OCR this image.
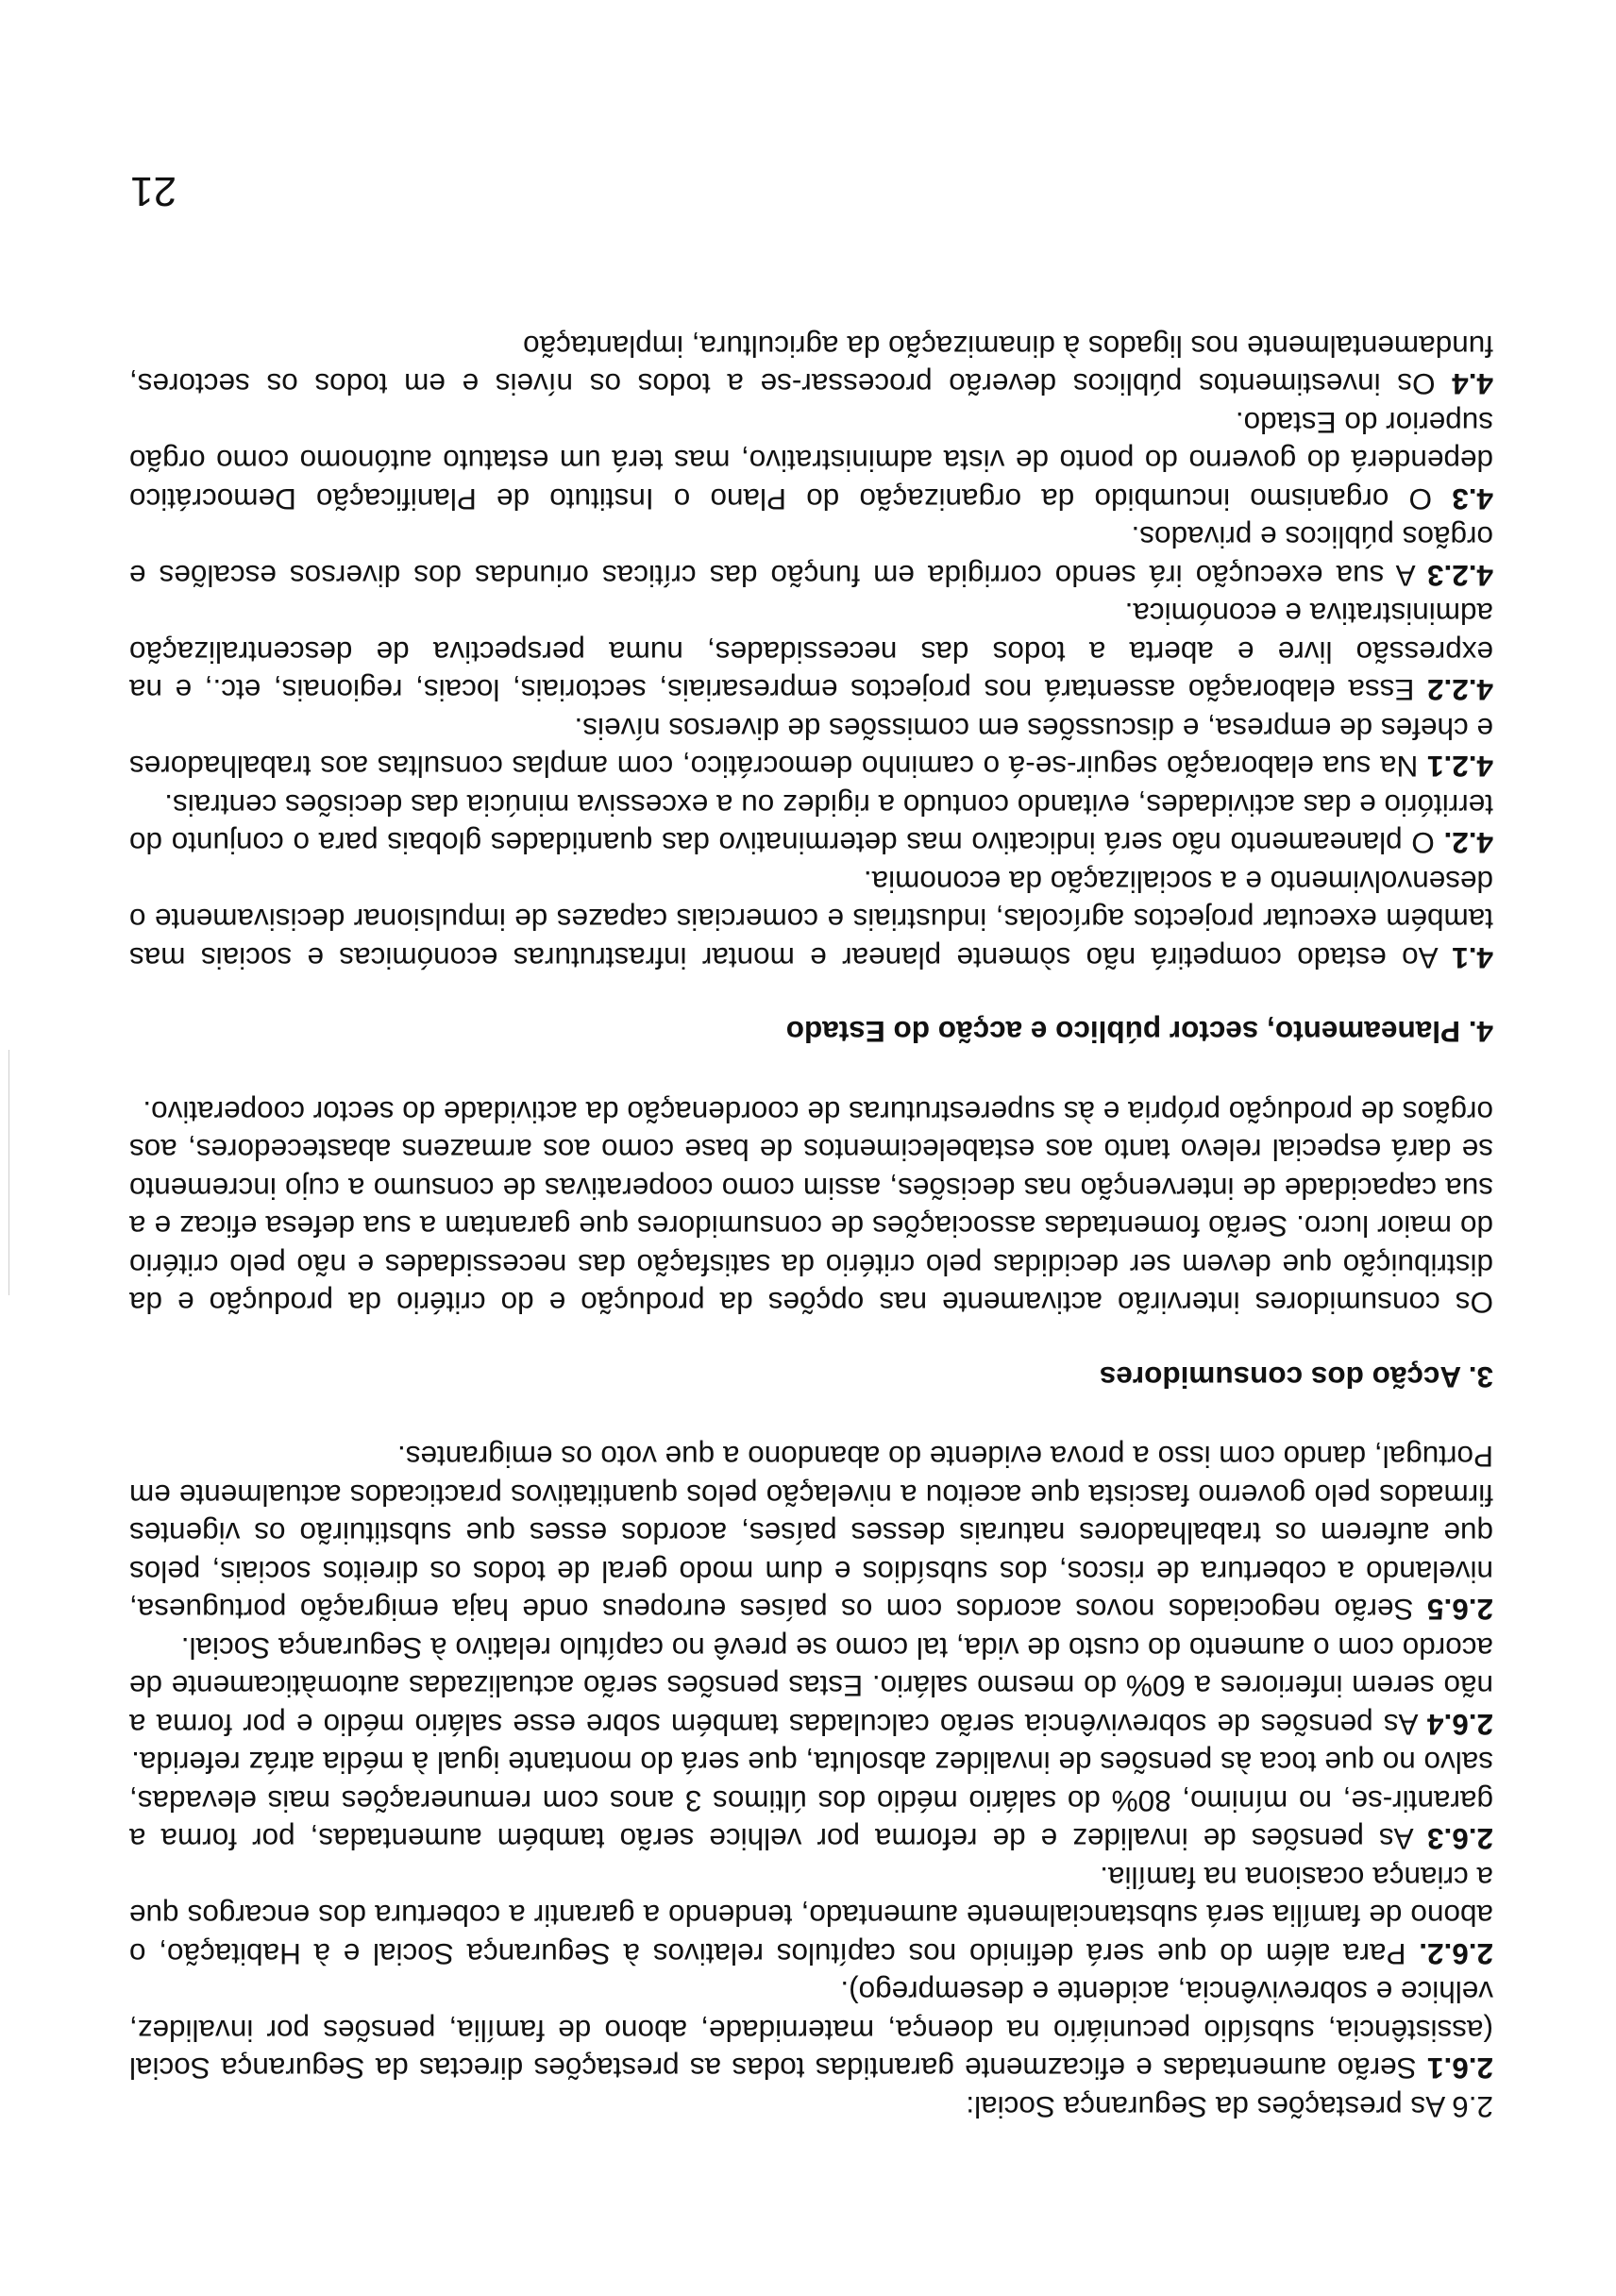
2.6 As prestações da Segurança Social:

2.6.1 Serão aumentadas e eficazmente garantidas todas as prestações directas da Segurança Social (assistência, subsídio pecuniário na doença, maternidade, abono de família, pensões por invalidez, velhice e sobrevivência, acidente e desemprego).

2.6.2. Para além do que será definido nos capítulos relativos à Segurança Social e à Habitação, o abono de família será substancialmente aumentado, tendendo a garantir a cobertura dos encargos que a criança ocasiona na família.

2.6.3 As pensões de invalidez e de reforma por velhice serão também aumentadas, por forma a garantir-se, no mínimo, 80% do salário médio dos últimos 3 anos com remunerações mais elevadas, salvo no que toca às pensões de invalidez absoluta, que será do montante igual à média atráz referida.

2.6.4 As pensões de sobrevivência serão calculadas também sobre esse salário médio e por forma a não serem inferiores a 60% do mesmo salário. Estas pensões serão actualizadas automàticamente de acordo com o aumento do custo de vida, tal como se prevê no capítulo relativo à Segurança Social.

2.6.5 Serão negociados novos acordos com os países europeus onde haja emigração portuguesa, nivelando a cobertura de riscos, dos subsídios e dum modo geral de todos os direitos sociais, pelos que auferem os trabalhadores naturais desses países, acordos esses que substituirão os vigentes firmados pelo governo fascista que aceitou a nivelação pelos quantitativos practicados actualmente em Portugal, dando com isso a prova evidente do abandono a que voto os emigrantes.

3. Acção dos consumidores

Os consumidores intervirão activamente nas opções da produção e do critério da produção e da distribuição que devem ser decididas pelo critério da satisfação das necessidades e não pelo critério do maior lucro. Serão fomentadas associações de consumidores que garantam a sua defesa eficaz e a sua capacidade de intervenção nas decisões, assim como cooperativas de consumo a cujo incremento se dará especial relevo tanto aos estabelecimentos de base como aos armazens abastecedores, aos orgãos de produção própria e às superestruturas de coordenação da actividade do sector cooperativo.

4. Planeamento, sector público e acção do Estado

4.1 Ao estado competirá não sòmente planear e montar infrastruturas económicas e sociais mas também executar projectos agrícolas, industriais e comerciais capazes de impulsionar decisivamente o desenvolvimento e a socialização da economia.

4.2. O planeamento não será indicativo mas determinativo das quantidades globais para o conjunto do território e das actividades, evitando contudo a rigidez ou a excessiva minúcia das decisões centrais.

4.2.1 Na sua elaboração seguir-se-á o caminho democrático, com amplas consultas aos trabalhadores e chefes de empresa, e discussões em comissões de diversos níveis.

4.2.2 Essa elaboração assentará nos projectos empresariais, sectoriais, locais, regionais, etc., e na expressão livre e aberta a todos das necessidades, numa perspectiva de descentralização administrativa e económica.

4.2.3 A sua execução irá sendo corrigida em função das críticas oriundas dos diversos escalões e orgãos públicos e privados.

4.3 O organismo incumbido da organização do Plano o Instituto de Planificação Democrático dependerá do governo do ponto de vista administrativo, mas terá um estatuto autónomo como orgão superior do Estado.

4.4 Os investimentos públicos deverão processar-se a todos os níveis e em todos os sectores, fundamentalmente nos ligados à dinamização da agricultura, implantação

21
